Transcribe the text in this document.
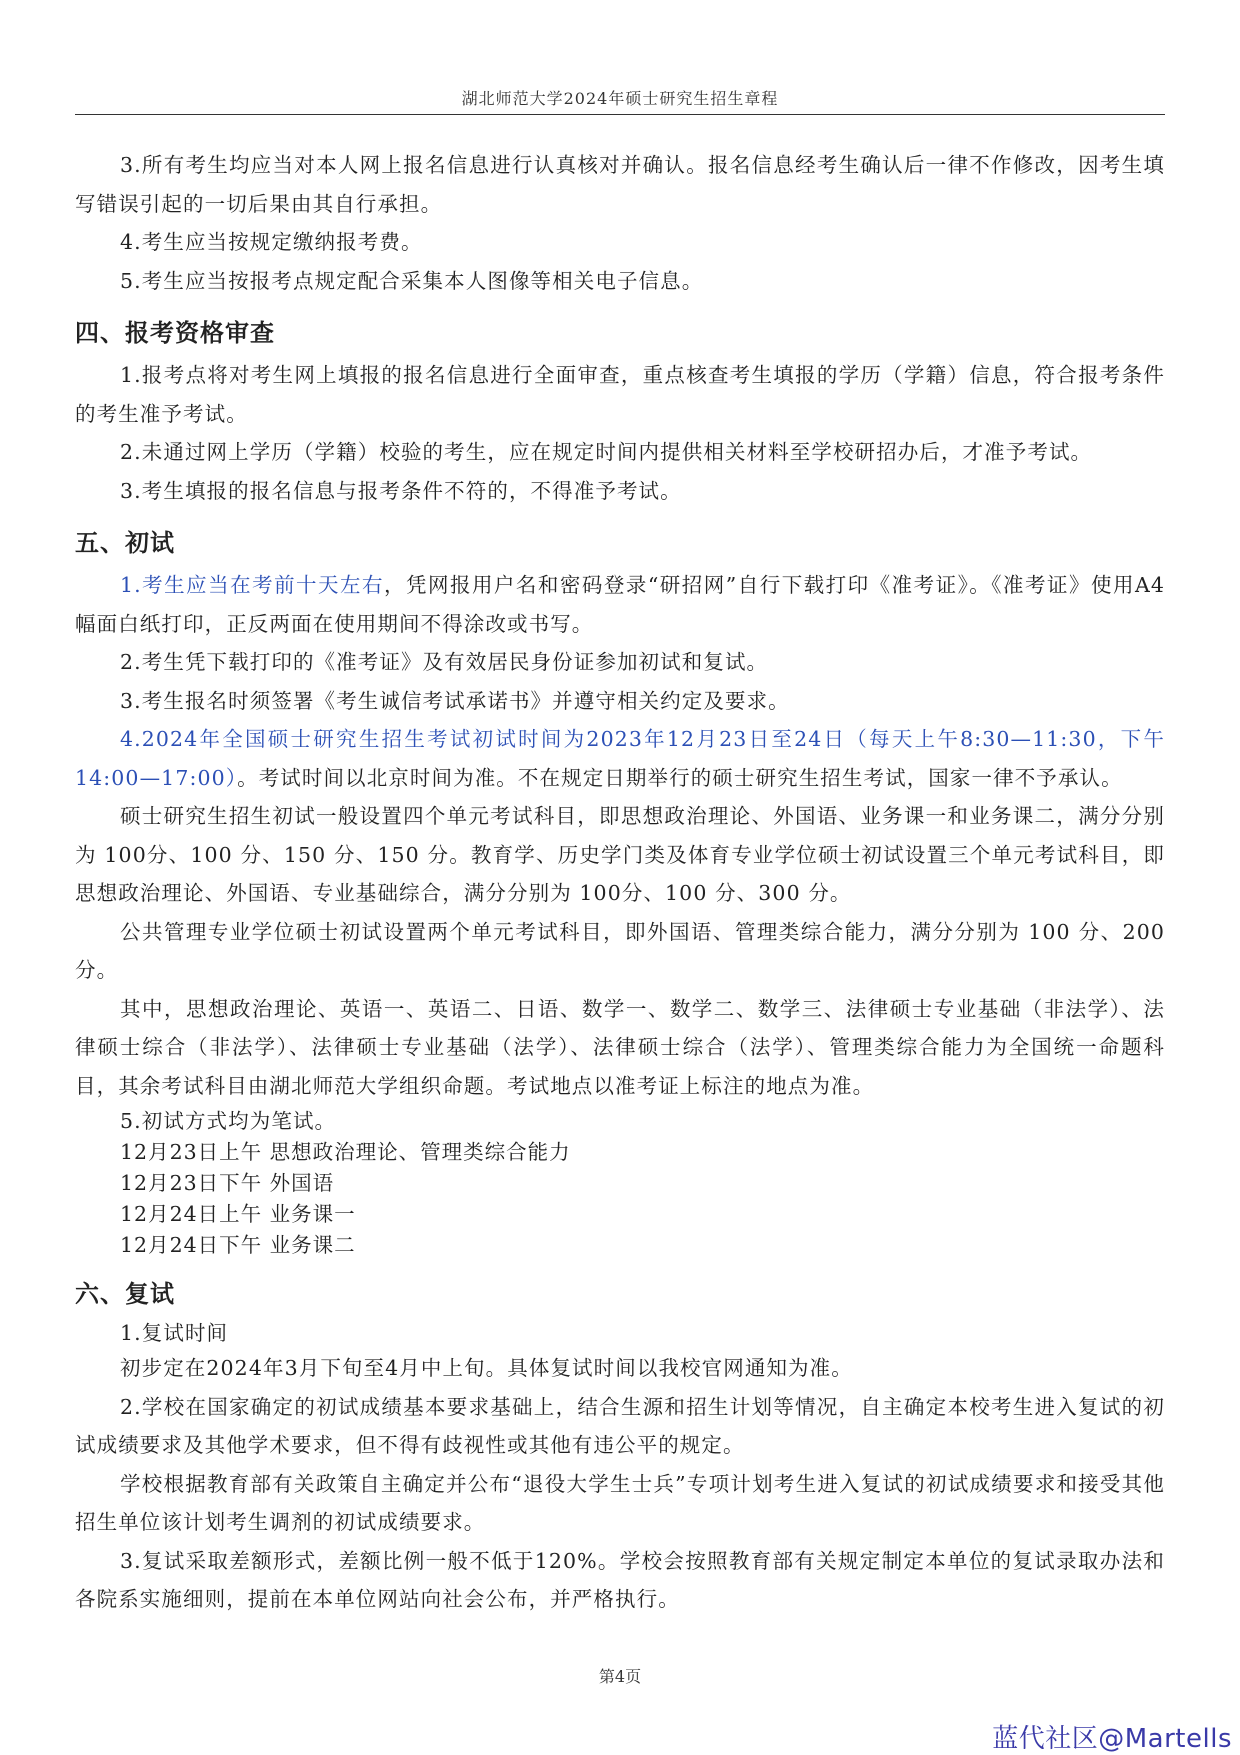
湖北师范大学2024年硕士研究生招生章程

3.所有考生均应当对本人网上报名信息进行认真核对并确认。报名信息经考生确认后一律不作修改，因考生填写错误引起的一切后果由其自行承担。

4.考生应当按规定缴纳报考费。

5.考生应当按报考点规定配合采集本人图像等相关电子信息。

四、报考资格审查

1.报考点将对考生网上填报的报名信息进行全面审查，重点核查考生填报的学历（学籍）信息，符合报考条件的考生准予考试。

2.未通过网上学历（学籍）校验的考生，应在规定时间内提供相关材料至学校研招办后，才准予考试。

3.考生填报的报名信息与报考条件不符的，不得准予考试。

五、初试

1.考生应当在考前十天左右，凭网报用户名和密码登录“研招网”自行下载打印《准考证》。《准考证》使用A4幅面白纸打印，正反两面在使用期间不得涂改或书写。

2.考生凭下载打印的《准考证》及有效居民身份证参加初试和复试。

3.考生报名时须签署《考生诚信考试承诺书》并遵守相关约定及要求。

4.2024年全国硕士研究生招生考试初试时间为2023年12月23日至24日（每天上午8:30—11:30，下午14:00—17:00）。考试时间以北京时间为准。不在规定日期举行的硕士研究生招生考试，国家一律不予承认。

硕士研究生招生初试一般设置四个单元考试科目，即思想政治理论、外国语、业务课一和业务课二，满分分别为 100分、100 分、150 分、150 分。教育学、历史学门类及体育专业学位硕士初试设置三个单元考试科目，即思想政治理论、外国语、专业基础综合，满分分别为 100分、100 分、300 分。

公共管理专业学位硕士初试设置两个单元考试科目，即外国语、管理类综合能力，满分分别为 100 分、200分。

其中，思想政治理论、英语一、英语二、日语、数学一、数学二、数学三、法律硕士专业基础（非法学）、法律硕士综合（非法学）、法律硕士专业基础（法学）、法律硕士综合（法学）、管理类综合能力为全国统一命题科目，其余考试科目由湖北师范大学组织命题。考试地点以准考证上标注的地点为准。

5.初试方式均为笔试。

12月23日上午 思想政治理论、管理类综合能力

12月23日下午 外国语

12月24日上午 业务课一

12月24日下午 业务课二

六、复试

1.复试时间

初步定在2024年3月下旬至4月中上旬。具体复试时间以我校官网通知为准。

2.学校在国家确定的初试成绩基本要求基础上，结合生源和招生计划等情况，自主确定本校考生进入复试的初试成绩要求及其他学术要求，但不得有歧视性或其他有违公平的规定。

学校根据教育部有关政策自主确定并公布“退役大学生士兵”专项计划考生进入复试的初试成绩要求和接受其他招生单位该计划考生调剂的初试成绩要求。

3.复试采取差额形式，差额比例一般不低于120%。学校会按照教育部有关规定制定本单位的复试录取办法和各院系实施细则，提前在本单位网站向社会公布，并严格执行。

第4页
蓝代社区@Martells
